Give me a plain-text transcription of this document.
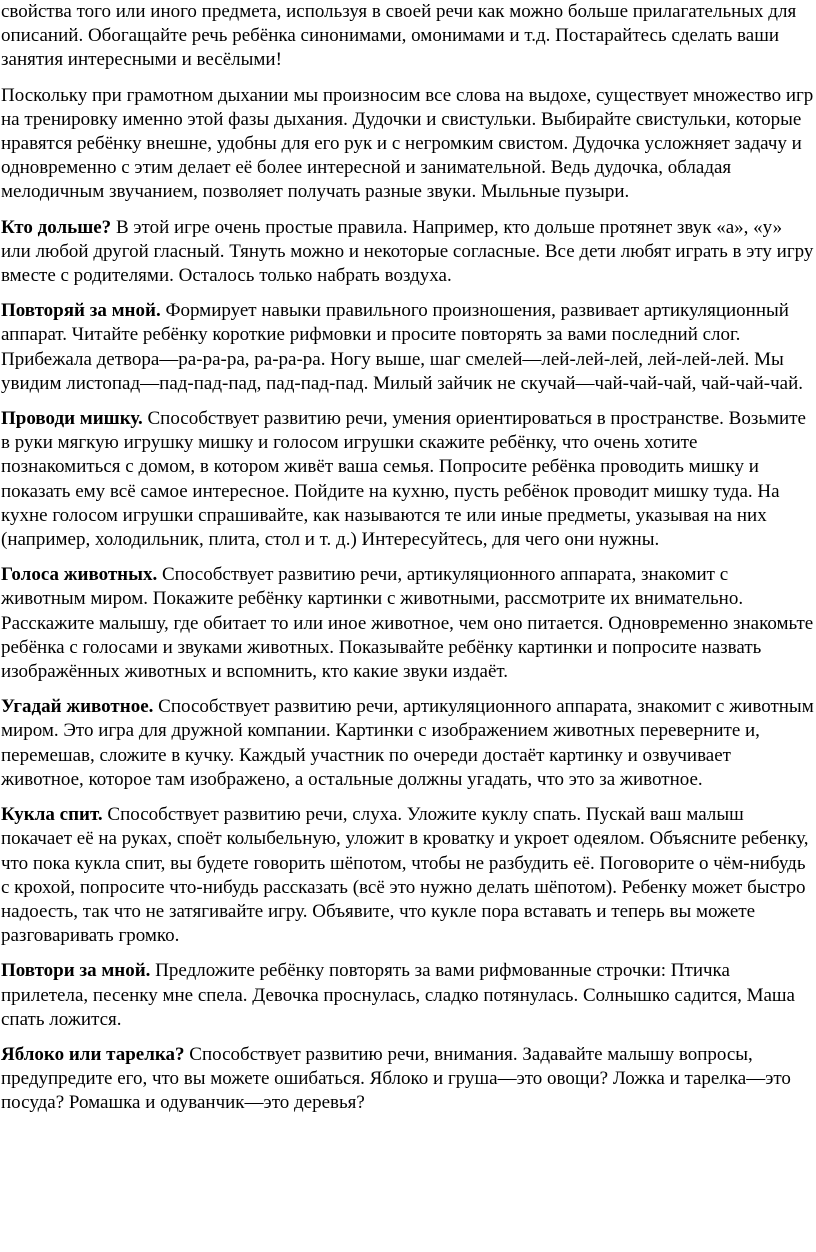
свойства того или иного предмета, используя в своей речи как можно больше прилагательных для описаний. Обогащайте речь ребёнка синонимами, омонимами и т.д. Постарайтесь сделать ваши занятия интересными и весёлыми!

Поскольку при грамотном дыхании мы произносим все слова на выдохе, существует множество игр на тренировку именно этой фазы дыхания. Дудочки и свистульки. Выбирайте свистульки, которые нравятся ребёнку внешне, удобны для его рук и с негромким свистом. Дудочка усложняет задачу и одновременно с этим делает её более интересной и занимательной. Ведь дудочка, обладая мелодичным звучанием, позволяет получать разные звуки. Мыльные пузыри.

Кто дольше? В этой игре очень простые правила. Например, кто дольше протянет звук «а», «у» или любой другой гласный. Тянуть можно и некоторые согласные. Все дети любят играть в эту игру вместе с родителями. Осталось только набрать воздуха.

Повторяй за мной. Формирует навыки правильного произношения, развивает артикуляционный аппарат. Читайте ребёнку короткие рифмовки и просите повторять за вами последний слог. Прибежала детвора—ра-ра-ра, ра-ра-ра. Ногу выше, шаг смелей—лей-лей-лей, лей-лей-лей. Мы увидим листопад—пад-пад-пад, пад-пад-пад. Милый зайчик не скучай—чай-чай-чай, чай-чай-чай.

Проводи мишку. Способствует развитию речи, умения ориентироваться в пространстве. Возьмите в руки мягкую игрушку мишку и голосом игрушки скажите ребёнку, что очень хотите познакомиться с домом, в котором живёт ваша семья. Попросите ребёнка проводить мишку и показать ему всё самое интересное. Пойдите на кухню, пусть ребёнок проводит мишку туда. На кухне голосом игрушки спрашивайте, как называются те или иные предметы, указывая на них (например, холодильник, плита, стол и т. д.) Интересуйтесь, для чего они нужны.

Голоса животных. Способствует развитию речи, артикуляционного аппарата, знакомит с животным миром. Покажите ребёнку картинки с животными, рассмотрите их внимательно. Расскажите малышу, где обитает то или иное животное, чем оно питается. Одновременно знакомьте ребёнка с голосами и звуками животных. Показывайте ребёнку картинки и попросите назвать изображённых животных и вспомнить, кто какие звуки издаёт.

Угадай животное. Способствует развитию речи, артикуляционного аппарата, знакомит с животным миром. Это игра для дружной компании. Картинки с изображением животных переверните и, перемешав, сложите в кучку. Каждый участник по очереди достаёт картинку и озвучивает животное, которое там изображено, а остальные должны угадать, что это за животное.

Кукла спит. Способствует развитию речи, слуха. Уложите куклу спать. Пускай ваш малыш покачает её на руках, споёт колыбельную, уложит в кроватку и укроет одеялом. Объясните ребенку, что пока кукла спит, вы будете говорить шёпотом, чтобы не разбудить её. Поговорите о чём-нибудь с крохой, попросите что-нибудь рассказать (всё это нужно делать шёпотом). Ребенку может быстро надоесть, так что не затягивайте игру. Объявите, что кукле пора вставать и теперь вы можете разговаривать громко.

Повтори за мной. Предложите ребёнку повторять за вами рифмованные строчки: Птичка прилетела, песенку мне спела. Девочка проснулась, сладко потянулась. Солнышко садится, Маша спать ложится.

Яблоко или тарелка? Способствует развитию речи, внимания. Задавайте малышу вопросы, предупредите его, что вы можете ошибаться. Яблоко и груша—это овощи? Ложка и тарелка—это посуда? Ромашка и одуванчик—это деревья?
